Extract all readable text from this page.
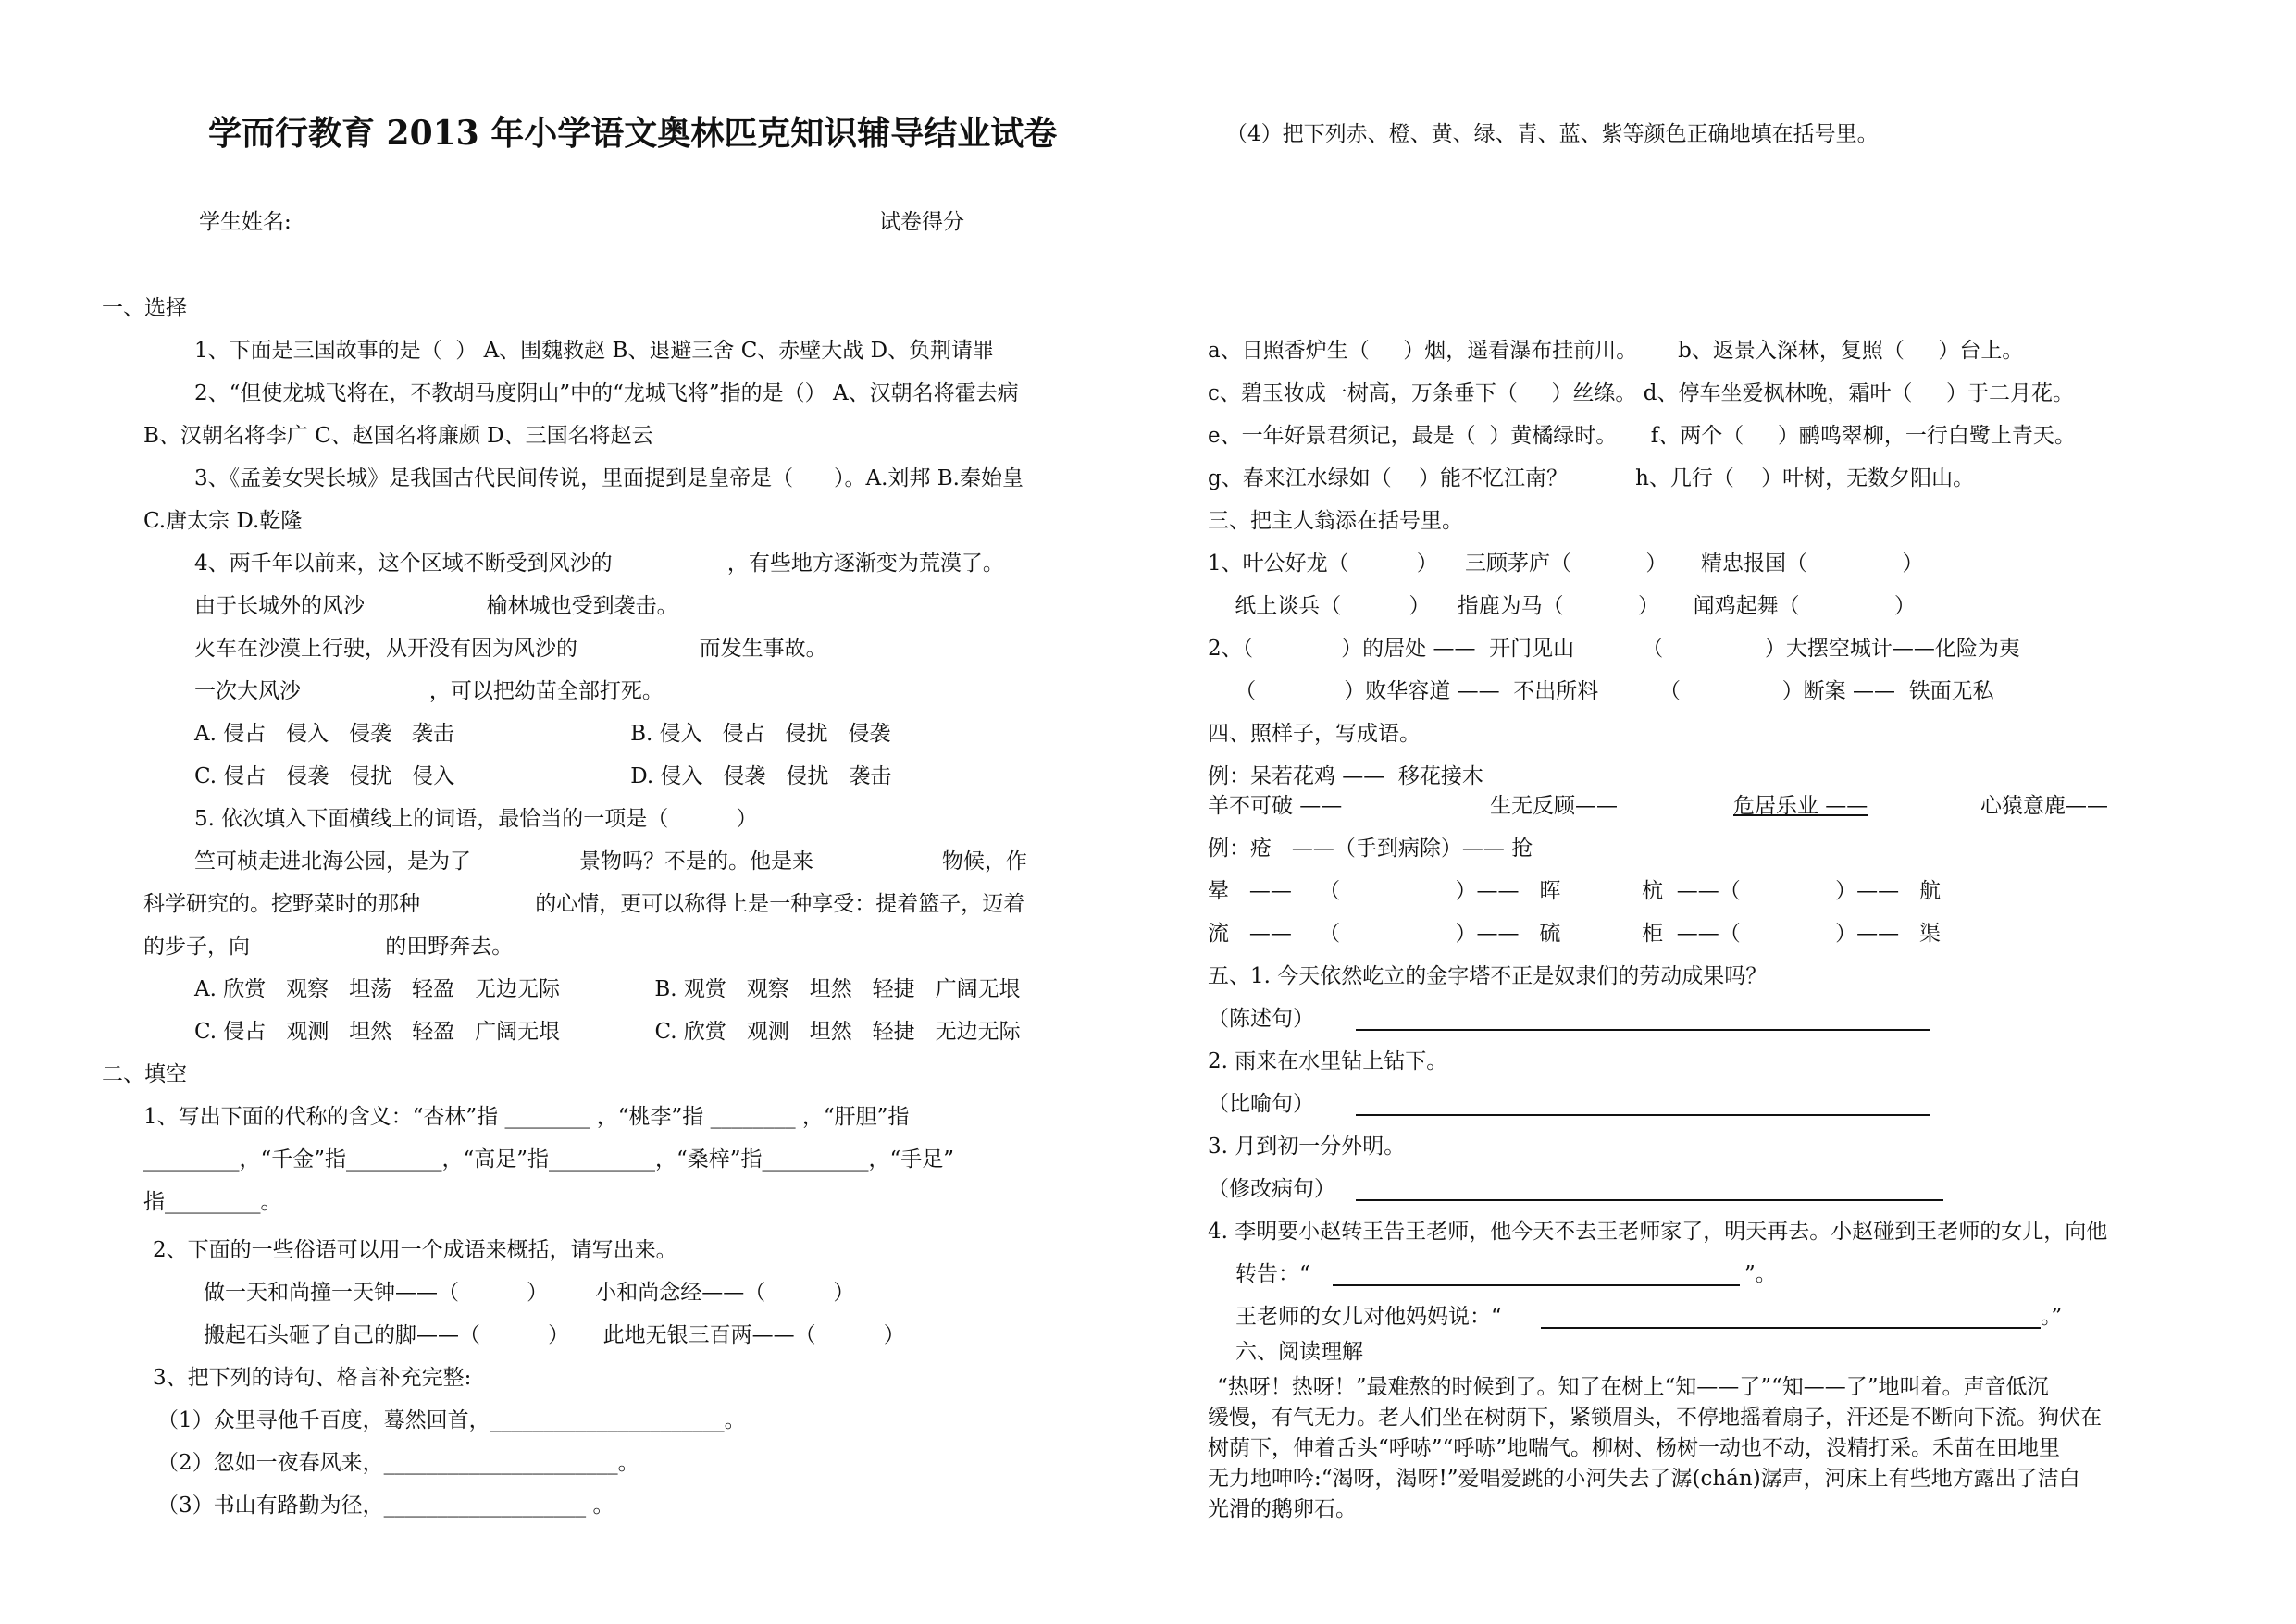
学而行教育 2013 年小学语文奥林匹克知识辅导结业试卷
学生姓名:	试卷得分
一、选择
1、下面是三国故事的是（  ） A、围魏救赵 B、退避三舍 C、赤壁大战 D、负荆请罪
2、“但使龙城飞将在，不教胡马度阴山”中的“龙城飞将”指的是（） A、汉朝名将霍去病
B、汉朝名将李广 C、赵国名将廉颇 D、三国名将赵云
3、《孟姜女哭长城》是我国古代民间传说，里面提到是皇帝是（      ）。A.刘邦 B.秦始皇
C.唐太宗 D.乾隆
4、两千年以前来，这个区域不断受到风沙的                 ，有些地方逐渐变为荒漠了。
由于长城外的风沙                  榆林城也受到袭击。
火车在沙漠上行驶，从开没有因为风沙的                  而发生事故。
一次大风沙                   ，可以把幼苗全部打死。
A. 侵占   侵入   侵袭   袭击                          B. 侵入   侵占   侵扰   侵袭
C. 侵占   侵袭   侵扰   侵入                          D. 侵入   侵袭   侵扰   袭击
5. 依次填入下面横线上的词语，最恰当的一项是（          ）
竺可桢走进北海公园，是为了                景物吗？不是的。他是来                   物候，作
科学研究的。挖野菜时的那种                 的心情，更可以称得上是一种享受：提着篮子，迈着
的步子，向                    的田野奔去。
A. 欣赏   观察   坦荡   轻盈   无边无际              B. 观赏   观察   坦然   轻捷   广阔无垠
C. 侵占   观测   坦然   轻盈   广阔无垠              C. 欣赏   观测   坦然   轻捷   无边无际
二、填空
1、写出下面的代称的含义：“杏林”指 ________ ，“桃李”指 ________ ，“肝胆”指
_________，“千金”指_________，“高足”指__________，“桑梓”指__________，“手足”
指_________。
2、下面的一些俗语可以用一个成语来概括，请写出来。
做一天和尚撞一天钟——（          ）       小和尚念经——（          ）
搬起石头砸了自己的脚——（          ）     此地无银三百两——（          ）
3、把下列的诗句、格言补充完整:
（1）众里寻他千百度，蓦然回首，______________________。
（2）忽如一夜春风来，______________________。
（3）书山有路勤为径，___________________ 。
（4）把下列赤、橙、黄、绿、青、蓝、紫等颜色正确地填在括号里。
a、日照香炉生（     ）烟，遥看瀑布挂前川。      b、返景入深林，复照（     ）台上。
c、碧玉妆成一树高，万条垂下（     ）丝绦。 d、停车坐爱枫林晚，霜叶（     ）于二月花。
e、一年好景君须记，最是（  ）黄橘绿时。     f、两个（     ）鹂鸣翠柳，一行白鹭上青天。
g、春来江水绿如（    ）能不忆江南？          h、几行（    ）叶树，无数夕阳山。
三、把主人翁添在括号里。
1、叶公好龙（          ）    三顾茅庐（           ）     精忠报国（              ）
纸上谈兵（          ）    指鹿为马（           ）     闻鸡起舞（              ）
2、（             ）的居处 ——  开门见山          （               ）大摆空城计——化险为夷
（             ）败华容道 ——  不出所料         （               ）断案 ——  铁面无私
四、照样子，写成语。
例：呆若花鸡 ——  移花接木
羊不可破 ——	生无反顾——	危居乐业 ——	心猿意鹿——
例：疮   ——（手到病除）—— 抢
晕   ——    （                 ）——   晖            杭  ——（              ）——   航
流   ——    （                 ）——   硫            柜  ——（              ）——   渠
五、1. 今天依然屹立的金字塔不正是奴隶们的劳动成果吗？
（陈述句）
2. 雨来在水里钻上钻下。
（比喻句）
3. 月到初一分外明。
（修改病句）
4. 李明要小赵转王告王老师，他今天不去王老师家了，明天再去。小赵碰到王老师的女儿，向他
转告：“	”。
王老师的女儿对他妈妈说：“	。”
六、阅读理解
“热呀！热呀！”最难熬的时候到了。知了在树上“知——了”“知——了”地叫着。声音低沉
缓慢，有气无力。老人们坐在树荫下，紧锁眉头，不停地摇着扇子，汗还是不断向下流。狗伏在
树荫下，伸着舌头“呼哧”“呼哧”地喘气。柳树、杨树一动也不动，没精打采。禾苗在田地里
无力地呻吟:“渴呀，渴呀!”爱唱爱跳的小河失去了潺(chán)潺声，河床上有些地方露出了洁白
光滑的鹅卵石。
